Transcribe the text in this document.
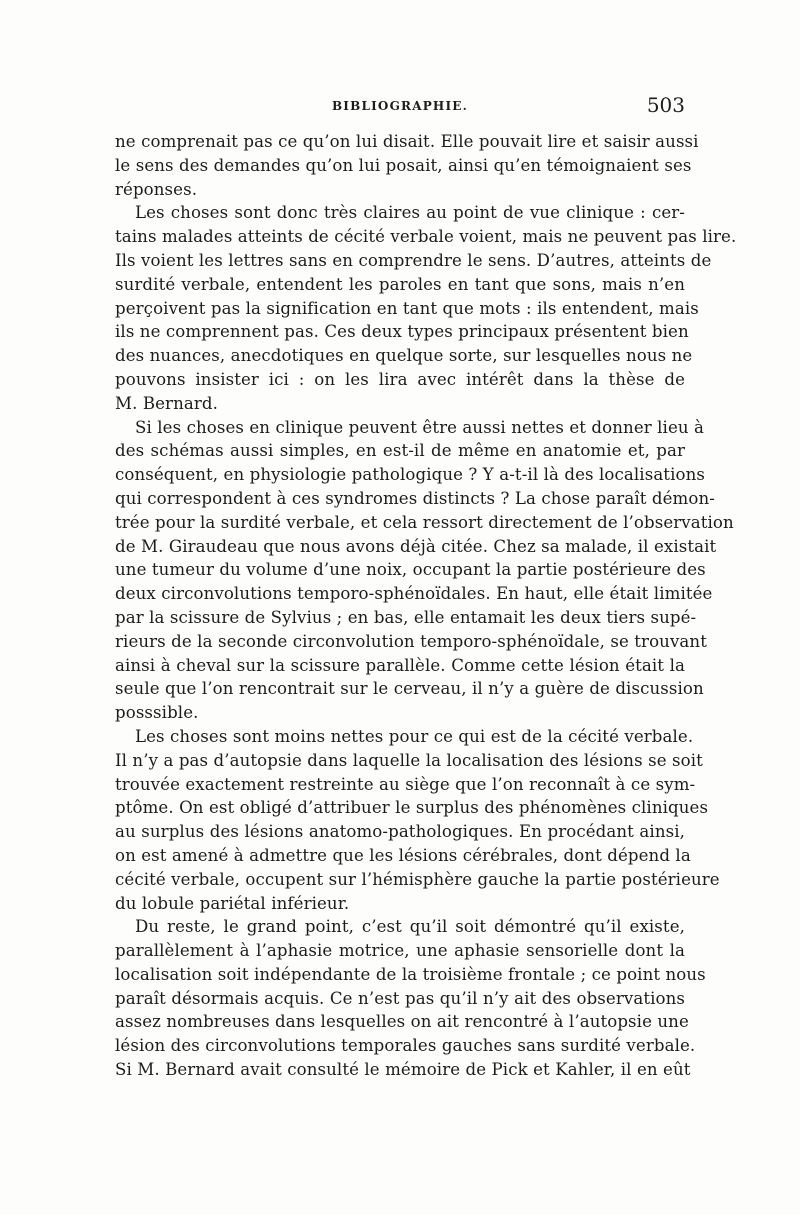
BIBLIOGRAPHIE.	503
ne comprenait pas ce qu’on lui disait. Elle pouvait lire et saisir aussi
le sens des demandes qu’on lui posait, ainsi qu’en témoignaient ses
réponses.
Les choses sont donc très claires au point de vue clinique : cer-
tains malades atteints de cécité verbale voient, mais ne peuvent pas lire.
Ils voient les lettres sans en comprendre le sens. D’autres, atteints de
surdité verbale, entendent les paroles en tant que sons, mais n’en
perçoivent pas la signification en tant que mots : ils entendent, mais
ils ne comprennent pas. Ces deux types principaux présentent bien
des nuances, anecdotiques en quelque sorte, sur lesquelles nous ne
pouvons insister ici : on les lira avec intérêt dans la thèse de
M. Bernard.
Si les choses en clinique peuvent être aussi nettes et donner lieu à
des schémas aussi simples, en est-il de même en anatomie et, par
conséquent, en physiologie pathologique ? Y a-t-il là des localisations
qui correspondent à ces syndromes distincts ? La chose paraît démon-
trée pour la surdité verbale, et cela ressort directement de l’observation
de M. Giraudeau que nous avons déjà citée. Chez sa malade, il existait
une tumeur du volume d’une noix, occupant la partie postérieure des
deux circonvolutions temporo-sphénoïdales. En haut, elle était limitée
par la scissure de Sylvius ; en bas, elle entamait les deux tiers supé-
rieurs de la seconde circonvolution temporo-sphénoïdale, se trouvant
ainsi à cheval sur la scissure parallèle. Comme cette lésion était la
seule que l’on rencontrait sur le cerveau, il n’y a guère de discussion
posssible.
Les choses sont moins nettes pour ce qui est de la cécité verbale.
Il n’y a pas d’autopsie dans laquelle la localisation des lésions se soit
trouvée exactement restreinte au siège que l’on reconnaît à ce sym-
ptôme. On est obligé d’attribuer le surplus des phénomènes cliniques
au surplus des lésions anatomo-pathologiques. En procédant ainsi,
on est amené à admettre que les lésions cérébrales, dont dépend la
cécité verbale, occupent sur l’hémisphère gauche la partie postérieure
du lobule pariétal inférieur.
Du reste, le grand point, c’est qu’il soit démontré qu’il existe,
parallèlement à l’aphasie motrice, une aphasie sensorielle dont la
localisation soit indépendante de la troisième frontale ; ce point nous
paraît désormais acquis. Ce n’est pas qu’il n’y ait des observations
assez nombreuses dans lesquelles on ait rencontré à l’autopsie une
lésion des circonvolutions temporales gauches sans surdité verbale.
Si M. Bernard avait consulté le mémoire de Pick et Kahler, il en eût
